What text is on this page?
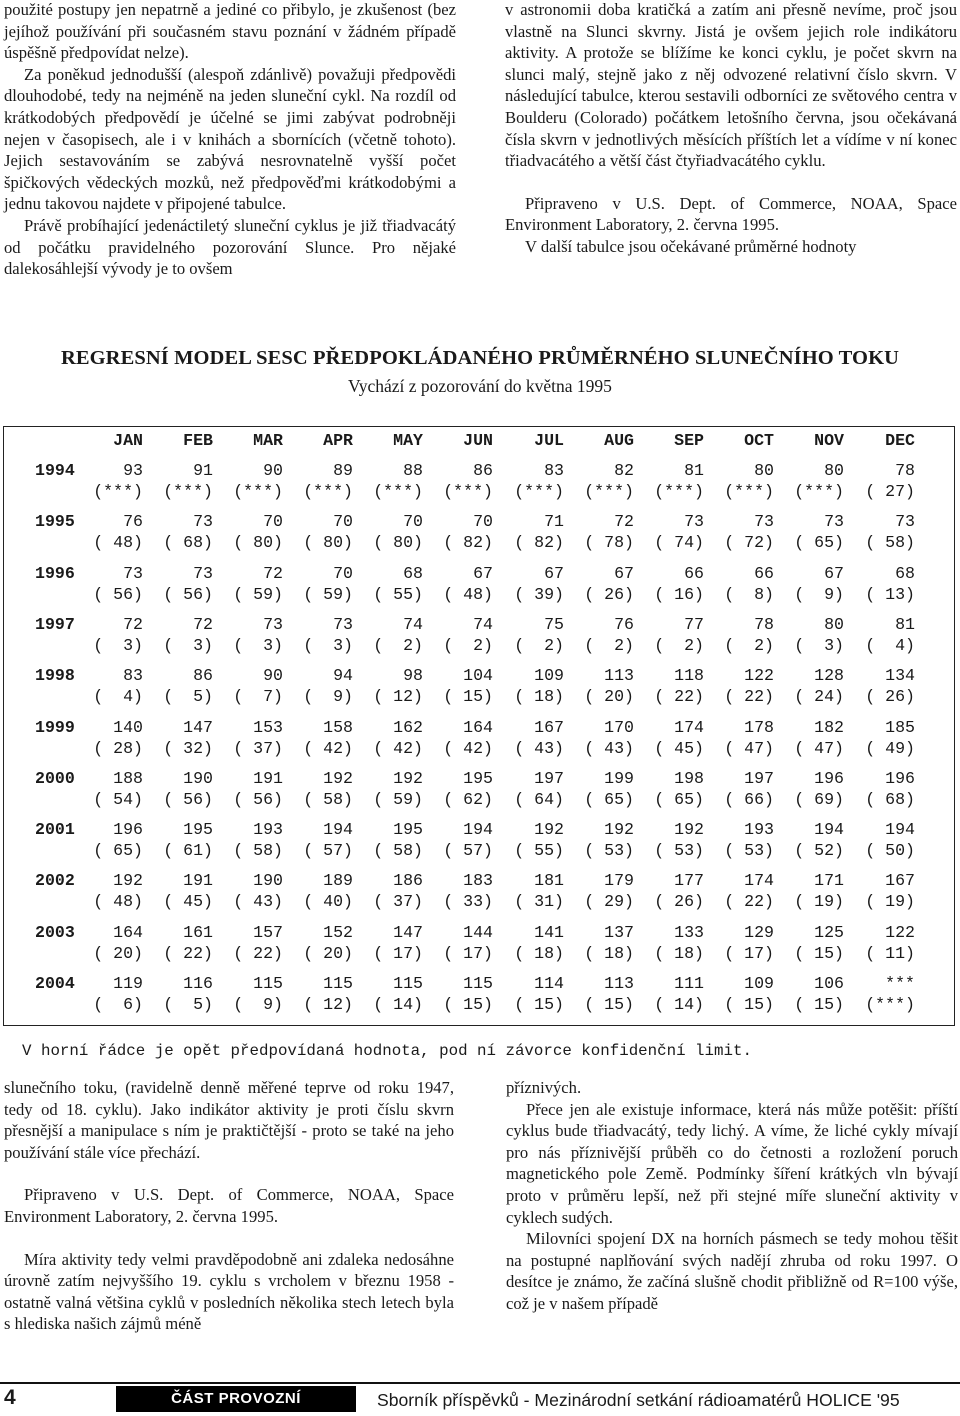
použité postupy jen nepatrně a jediné co přibylo, je zkušenost (bez jejíhož používání při současném stavu poznání v žádném případě úspěšně předpovídat nelze).

Za poněkud jednodušší (alespoň zdánlivě) považuji předpovědi dlouhodobé, tedy na nejméně na jeden sluneční cykl. Na rozdíl od krátkodobých předpovědí je účelné se jimi zabývat podrobněji nejen v časopisech, ale i v knihách a sbornících (včetně tohoto). Jejich sestavováním se zabývá nesrovnatelně vyšší počet špičkových vědeckých mozků, než předpověďmi krátkodobými a jednu takovou najdete v připojené tabulce.

Právě probíhající jedenáctiletý sluneční cyklus je již třiadvacátý od počátku pravidelného pozorování Slunce. Pro nějaké dalekosáhlejší vývody je to ovšem

v astronomii doba kratičká a zatím ani přesně nevíme, proč jsou vlastně na Slunci skvrny. Jistá je ovšem jejich role indikátoru aktivity. A protože se blížíme ke konci cyklu, je počet skvrn na slunci malý, stejně jako z něj odvozené relativní číslo skvrn. V následující tabulce, kterou sestavili odborníci ze světového centra v Boulderu (Colorado) počátkem letošního června, jsou očekávaná čísla skvrn v jednotlivých měsících příštích let a vídíme v ní konec třiadvacátého a větší část čtyřiadvacátého cyklu.

Připraveno v U.S. Dept. of Commerce, NOAA, Space Environment Laboratory, 2. června 1995.

V další tabulce jsou očekávané průměrné hodnoty

REGRESNÍ MODEL SESC PŘEDPOKLÁDANÉHO PRŮMĚRNÉHO SLUNEČNÍHO TOKU
Vychází z pozorování do května 1995
JAN FEB MAR APR MAY JUN JUL AUG SEP OCT NOV DEC
1994	93	91	90	89	88	86	83	82	81	80	80	78
(***) (***) (***) (***) (***) (***) (***) (***) (***) (***) (***) ( 27)
1995	76	73	70	70	70	70	71	72	73	73	73	73
( 48) ( 68) ( 80) ( 80) ( 80) ( 82) ( 82) ( 78) ( 74) ( 72) ( 65) ( 58)
1996	73	73	72	70	68	67	67	67	66	66	67	68
( 56) ( 56) ( 59) ( 59) ( 55) ( 48) ( 39) ( 26) ( 16) (  8) (  9) ( 13)
1997	72	72	73	73	74	74	75	76	77	78	80	81
(  3) (  3) (  3) (  3) (  2) (  2) (  2) (  2) (  2) (  2) (  3) (  4)
1998	83	86	90	94	98 104 109 113 118 122 128 134
(  4) (  5) (  7) (  9) ( 12) ( 15) ( 18) ( 20) ( 22) ( 22) ( 24) ( 26)
1999 140 147 153 158 162 164 167 170 174 178 182 185
( 28) ( 32) ( 37) ( 42) ( 42) ( 42) ( 43) ( 43) ( 45) ( 47) ( 47) ( 49)
2000 188 190 191 192 192 195 197 199 198 197 196 196
( 54) ( 56) ( 56) ( 58) ( 59) ( 62) ( 64) ( 65) ( 65) ( 66) ( 69) ( 68)
2001 196 195 193 194 195 194 192 192 192 193 194 194
( 65) ( 61) ( 58) ( 57) ( 58) ( 57) ( 55) ( 53) ( 53) ( 53) ( 52) ( 50)
2002 192 191 190 189 186 183 181 179 177 174 171 167
( 48) ( 45) ( 43) ( 40) ( 37) ( 33) ( 31) ( 29) ( 26) ( 22) ( 19) ( 19)
2003 164 161 157 152 147 144 141 137 133 129 125 122
( 20) ( 22) ( 22) ( 20) ( 17) ( 17) ( 18) ( 18) ( 18) ( 17) ( 15) ( 11)
2004 119 116 115 115 115 115 114 113 111 109 106 ***
(  6) (  5) (  9) ( 12) ( 14) ( 15) ( 15) ( 15) ( 14) ( 15) ( 15) (***)
V horní řádce je opět předpovídaná hodnota, pod ní závorce konfidenční limit.

slunečního toku, (ravidelně denně měřené teprve od roku 1947, tedy od 18. cyklu). Jako indikátor aktivity je proti číslu skvrn přesnější a manipulace s ním je praktičtější - proto se také na jeho používání stále více přechází.

Připraveno v U.S. Dept. of Commerce, NOAA, Space Environment Laboratory, 2. června 1995.

Míra aktivity tedy velmi pravděpodobně ani zdaleka nedosáhne úrovně zatím nejvyššího 19. cyklu s vrcholem v březnu 1958 - ostatně valná většina cyklů v posledních několika stech letech byla s hlediska našich zájmů méně

příznivých.

Přece jen ale existuje informace, která nás může potěšit: příští cyklus bude třiadvacátý, tedy lichý. A víme, že liché cykly mívají pro nás příznivější průběh co do četnosti a rozložení poruch magnetického pole Země. Podmínky šíření krátkých vln bývají proto v průměru lepší, než při stejné míře sluneční aktivity v cyklech sudých.

Milovníci spojení DX na horních pásmech se tedy mohou těšit na postupné naplňování svých nadějí zhruba od roku 1997. O desítce je známo, že začíná slušně chodit přibližně od R=100 výše, což je v našem případě

4	ČÁST PROVOZNÍ	Sborník příspěvků - Mezinárodní setkání rádioamatérů HOLICE '95
